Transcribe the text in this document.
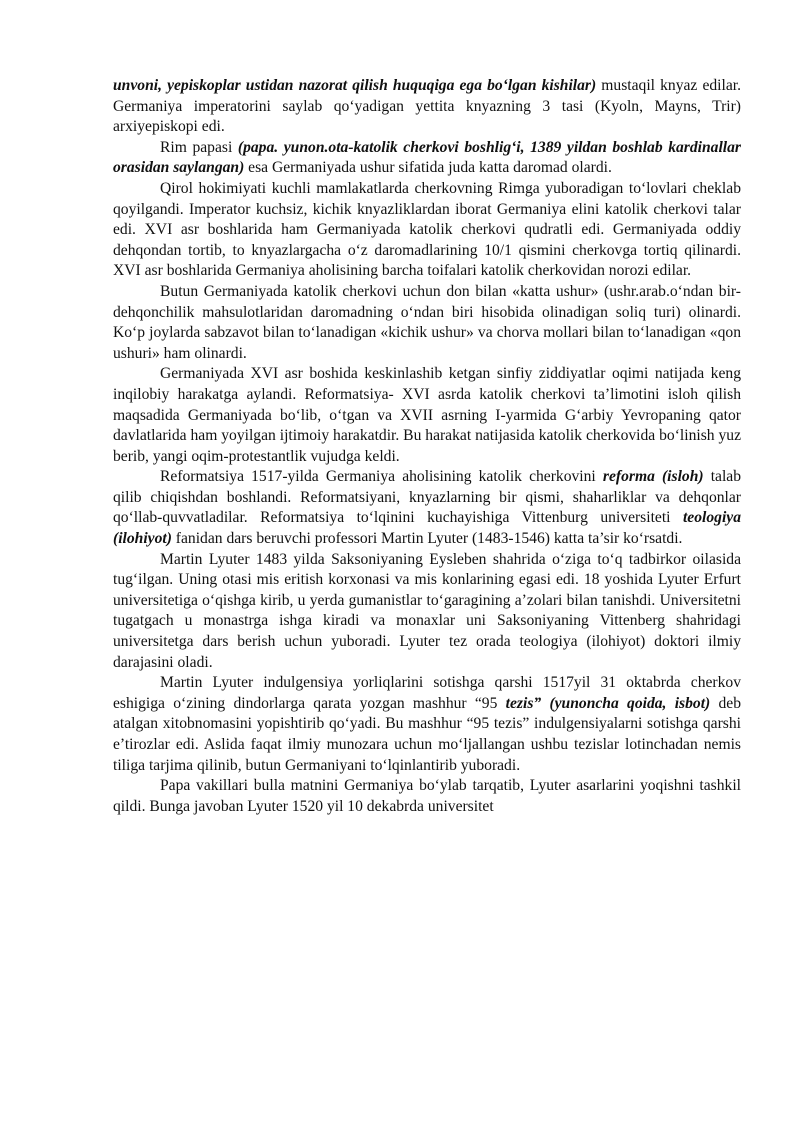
unvoni, yepiskoplar ustidan nazorat qilish huquqiga ega bo‘lgan kishilar) mustaqil knyaz edilar. Germaniya imperatorini saylab qo‘yadigan yettita knyazning 3 tasi (Kyoln, Mayns, Trir) arxiyepiskopi edi.

Rim papasi (papa. yunon.ota-katolik cherkovi boshlig‘i, 1389 yildan boshlab kardinallar orasidan saylangan) esa Germaniyada ushur sifatida juda katta daromad olardi.

Qirol hokimiyati kuchli mamlakatlarda cherkovning Rimga yuboradigan to‘lovlari cheklab qoyilgandi. Imperator kuchsiz, kichik knyazliklardan iborat Germaniya elini katolik cherkovi talar edi. XVI asr boshlarida ham Germaniyada katolik cherkovi qudratli edi. Germaniyada oddiy dehqondan tortib, to knyazlargacha o‘z daromadlarining 10/1 qismini cherkovga tortiq qilinardi. XVI asr boshlarida Germaniya aholisining barcha toifalari katolik cherkovidan norozi edilar.

Butun Germaniyada katolik cherkovi uchun don bilan «katta ushur» (ushr.arab.o‘ndan bir-dehqonchilik mahsulotlaridan daromadning o‘ndan biri hisobida olinadigan soliq turi) olinardi. Ko‘p joylarda sabzavot bilan to‘lanadigan «kichik ushur» va chorva mollari bilan to‘lanadigan «qon ushuri» ham olinardi.

Germaniyada XVI asr boshida keskinlashib ketgan sinfiy ziddiyatlar oqimi natijada keng inqilobiy harakatga aylandi. Reformatsiya- XVI asrda katolik cherkovi ta’limotini isloh qilish maqsadida Germaniyada bo‘lib, o‘tgan va XVII asrning I-yarmida G‘arbiy Yevropaning qator davlatlarida ham yoyilgan ijtimoiy harakatdir. Bu harakat natijasida katolik cherkovida bo‘linish yuz berib, yangi oqim-protestantlik vujudga keldi.

Reformatsiya 1517-yilda Germaniya aholisining katolik cherkovini reforma (isloh) talab qilib chiqishdan boshlandi. Reformatsiyani, knyazlarning bir qismi, shaharliklar va dehqonlar qo‘llab-quvvatladilar. Reformatsiya to‘lqinini kuchayishiga Vittenburg universiteti teologiya (ilohiyot) fanidan dars beruvchi professori Martin Lyuter (1483-1546) katta ta’sir ko‘rsatdi.

Martin Lyuter 1483 yilda Saksoniyaning Eysleben shahrida o‘ziga to‘q tadbirkor oilasida tug‘ilgan. Uning otasi mis eritish korxonasi va mis konlarining egasi edi. 18 yoshida Lyuter Erfurt universitetiga o‘qishga kirib, u yerda gumanistlar to‘garagining a’zolari bilan tanishdi. Universitetni tugatgach u monastrga ishga kiradi va monaxlar uni Saksoniyaning Vittenberg shahridagi universitetga dars berish uchun yuboradi. Lyuter tez orada teologiya (ilohiyot) doktori ilmiy darajasini oladi.

Martin Lyuter indulgensiya yorliqlarini sotishga qarshi 1517yil 31 oktabrda cherkov eshigiga o‘zining dindorlarga qarata yozgan mashhur “95 tezis” (yunoncha qoida, isbot) deb atalgan xitobnomasini yopishtirib qo‘yadi. Bu mashhur “95 tezis” indulgensiyalarni sotishga qarshi e’tirozlar edi. Aslida faqat ilmiy munozara uchun mo‘ljallangan ushbu tezislar lotinchadan nemis tiliga tarjima qilinib, butun Germaniyani to‘lqinlantirib yuboradi.

Papa vakillari bulla matnini Germaniya bo‘ylab tarqatib, Lyuter asarlarini yoqishni tashkil qildi. Bunga javoban Lyuter 1520 yil 10 dekabrda universitet
